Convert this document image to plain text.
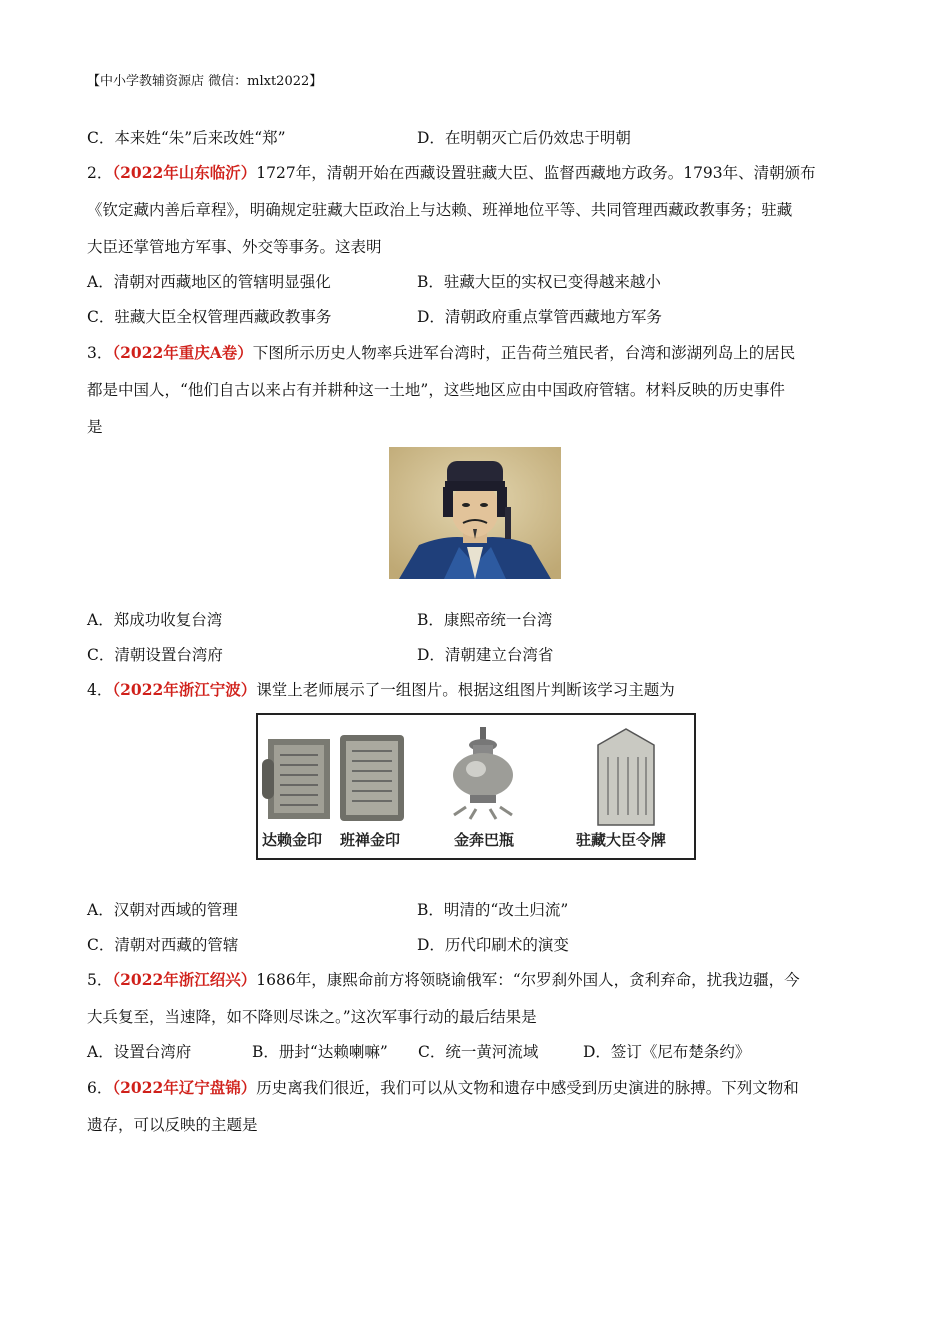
【中小学教辅资源店 微信：mlxt2022】
C．本来姓“朱”后来改姓“郑”	D．在明朝灭亡后仍效忠于明朝
2．（2022年山东临沂）1727年，清朝开始在西藏设置驻藏大臣、监督西藏地方政务。1793年、清朝颁布
《钦定藏内善后章程》，明确规定驻藏大臣政治上与达赖、班禅地位平等、共同管理西藏政教事务；驻藏
大臣还掌管地方军事、外交等事务。这表明
A．清朝对西藏地区的管辖明显强化	B．驻藏大臣的实权已变得越来越小
C．驻藏大臣全权管理西藏政教事务	D．清朝政府重点掌管西藏地方军务
3．（2022年重庆A卷）下图所示历史人物率兵进军台湾时，正告荷兰殖民者，台湾和澎湖列岛上的居民
都是中国人，“他们自古以来占有并耕种这一土地”，这些地区应由中国政府管辖。材料反映的历史事件
是
A．郑成功收复台湾	B．康熙帝统一台湾
C．清朝设置台湾府	D．清朝建立台湾省
4．（2022年浙江宁波）课堂上老师展示了一组图片。根据这组图片判断该学习主题为
达赖金印 班禅金印	金奔巴瓶	驻藏大臣令牌
A．汉朝对西域的管理	B．明清的“改土归流”
C．清朝对西藏的管辖	D．历代印刷术的演变
5．（2022年浙江绍兴）1686年，康熙命前方将领晓谕俄军：“尔罗刹外国人，贪利弃命，扰我边疆，今
大兵复至，当速降，如不降则尽诛之。”这次军事行动的最后结果是
A．设置台湾府	B．册封“达赖喇嘛” C．统一黄河流域	D．签订《尼布楚条约》
6．（2022年辽宁盘锦）历史离我们很近，我们可以从文物和遗存中感受到历史演进的脉搏。下列文物和
遗存，可以反映的主题是
